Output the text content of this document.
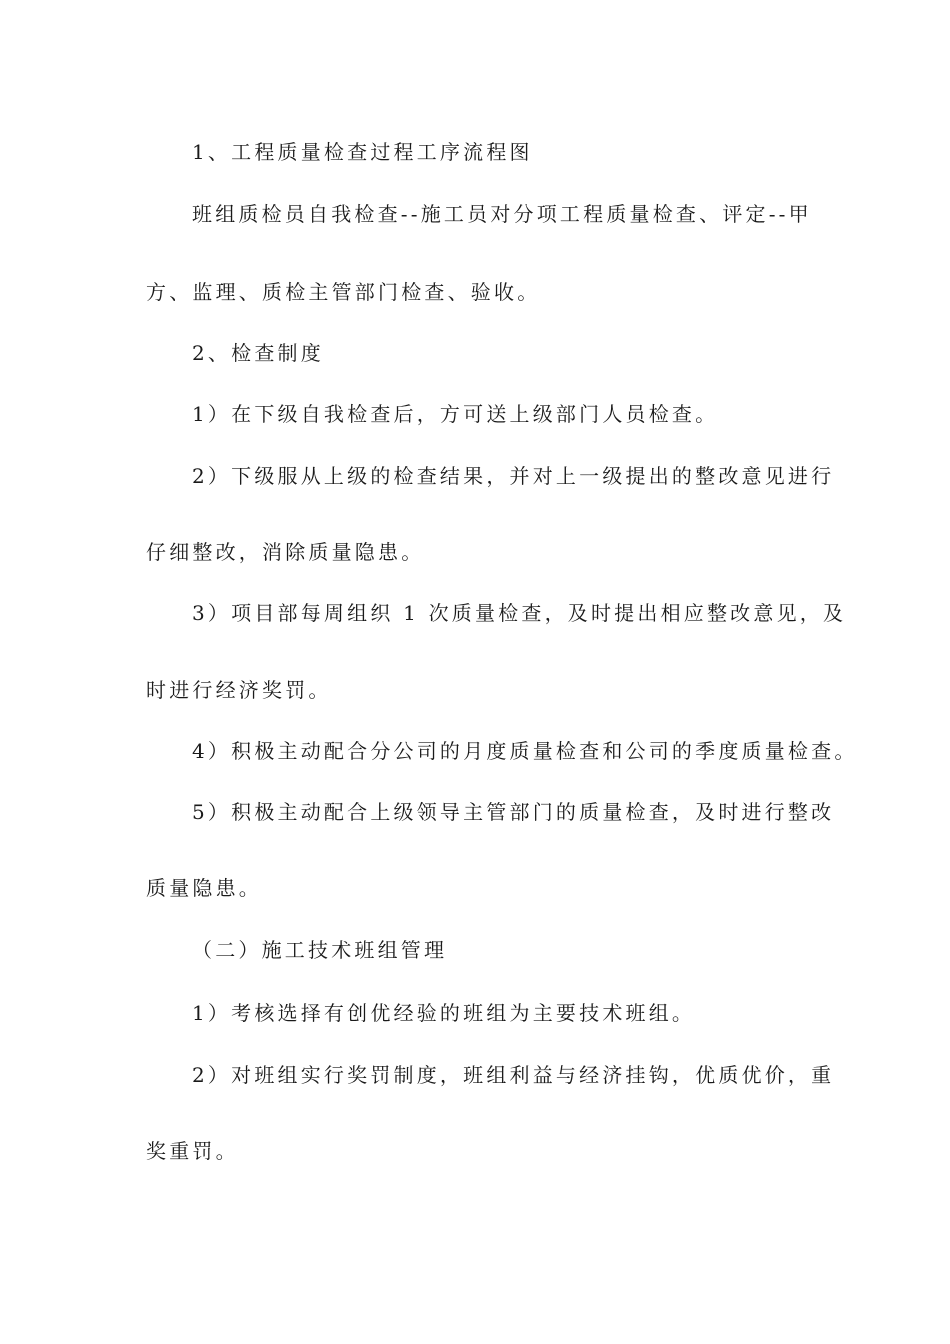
1、工程质量检查过程工序流程图
班组质检员自我检查--施工员对分项工程质量检查、评定--甲
方、监理、质检主管部门检查、验收。
2、检查制度
1）在下级自我检查后，方可送上级部门人员检查。
2）下级服从上级的检查结果，并对上一级提出的整改意见进行
仔细整改，消除质量隐患。
3）项目部每周组织 1 次质量检查，及时提出相应整改意见，及
时进行经济奖罚。
4）积极主动配合分公司的月度质量检查和公司的季度质量检查。
5）积极主动配合上级领导主管部门的质量检查，及时进行整改
质量隐患。
（二）施工技术班组管理
1）考核选择有创优经验的班组为主要技术班组。
2）对班组实行奖罚制度，班组利益与经济挂钩，优质优价，重
奖重罚。
